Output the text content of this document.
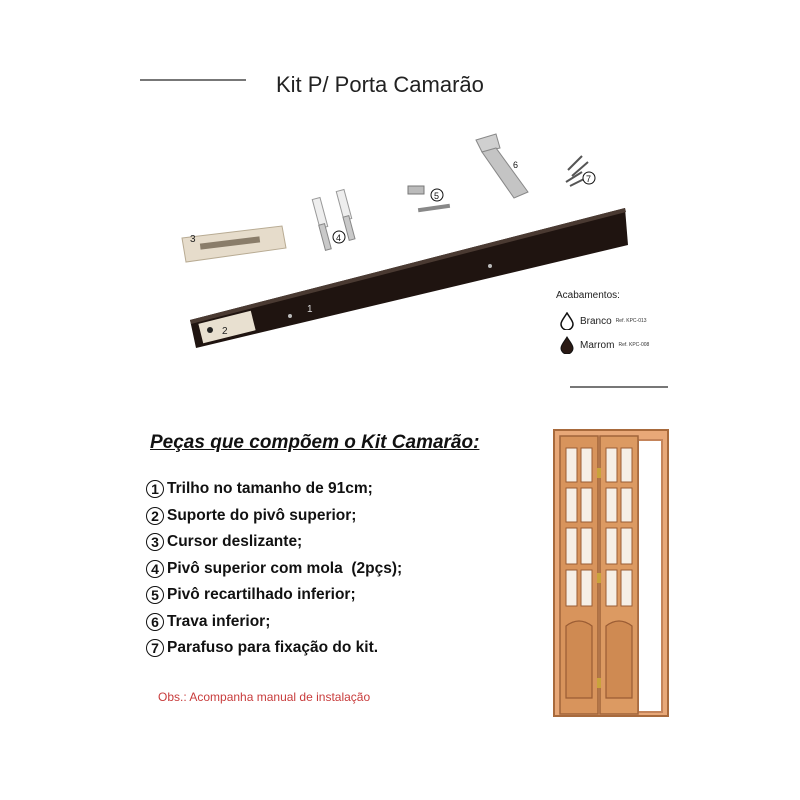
Kit P/ Porta Camarão
1
2
3	4
5
6
7
Acabamentos:
Branco Ref. KPC-013
Marrom Ref. KPC-008
Peças que compõem o Kit Camarão:
1 Trilho no tamanho de 91cm;
2 Suporte do pivô superior;
3 Cursor deslizante;
4 Pivô superior com mola  (2pçs);
5 Pivô recartilhado inferior;
6 Trava inferior;
7 Parafuso para fixação do kit.
Obs.: Acompanha manual de instalação
